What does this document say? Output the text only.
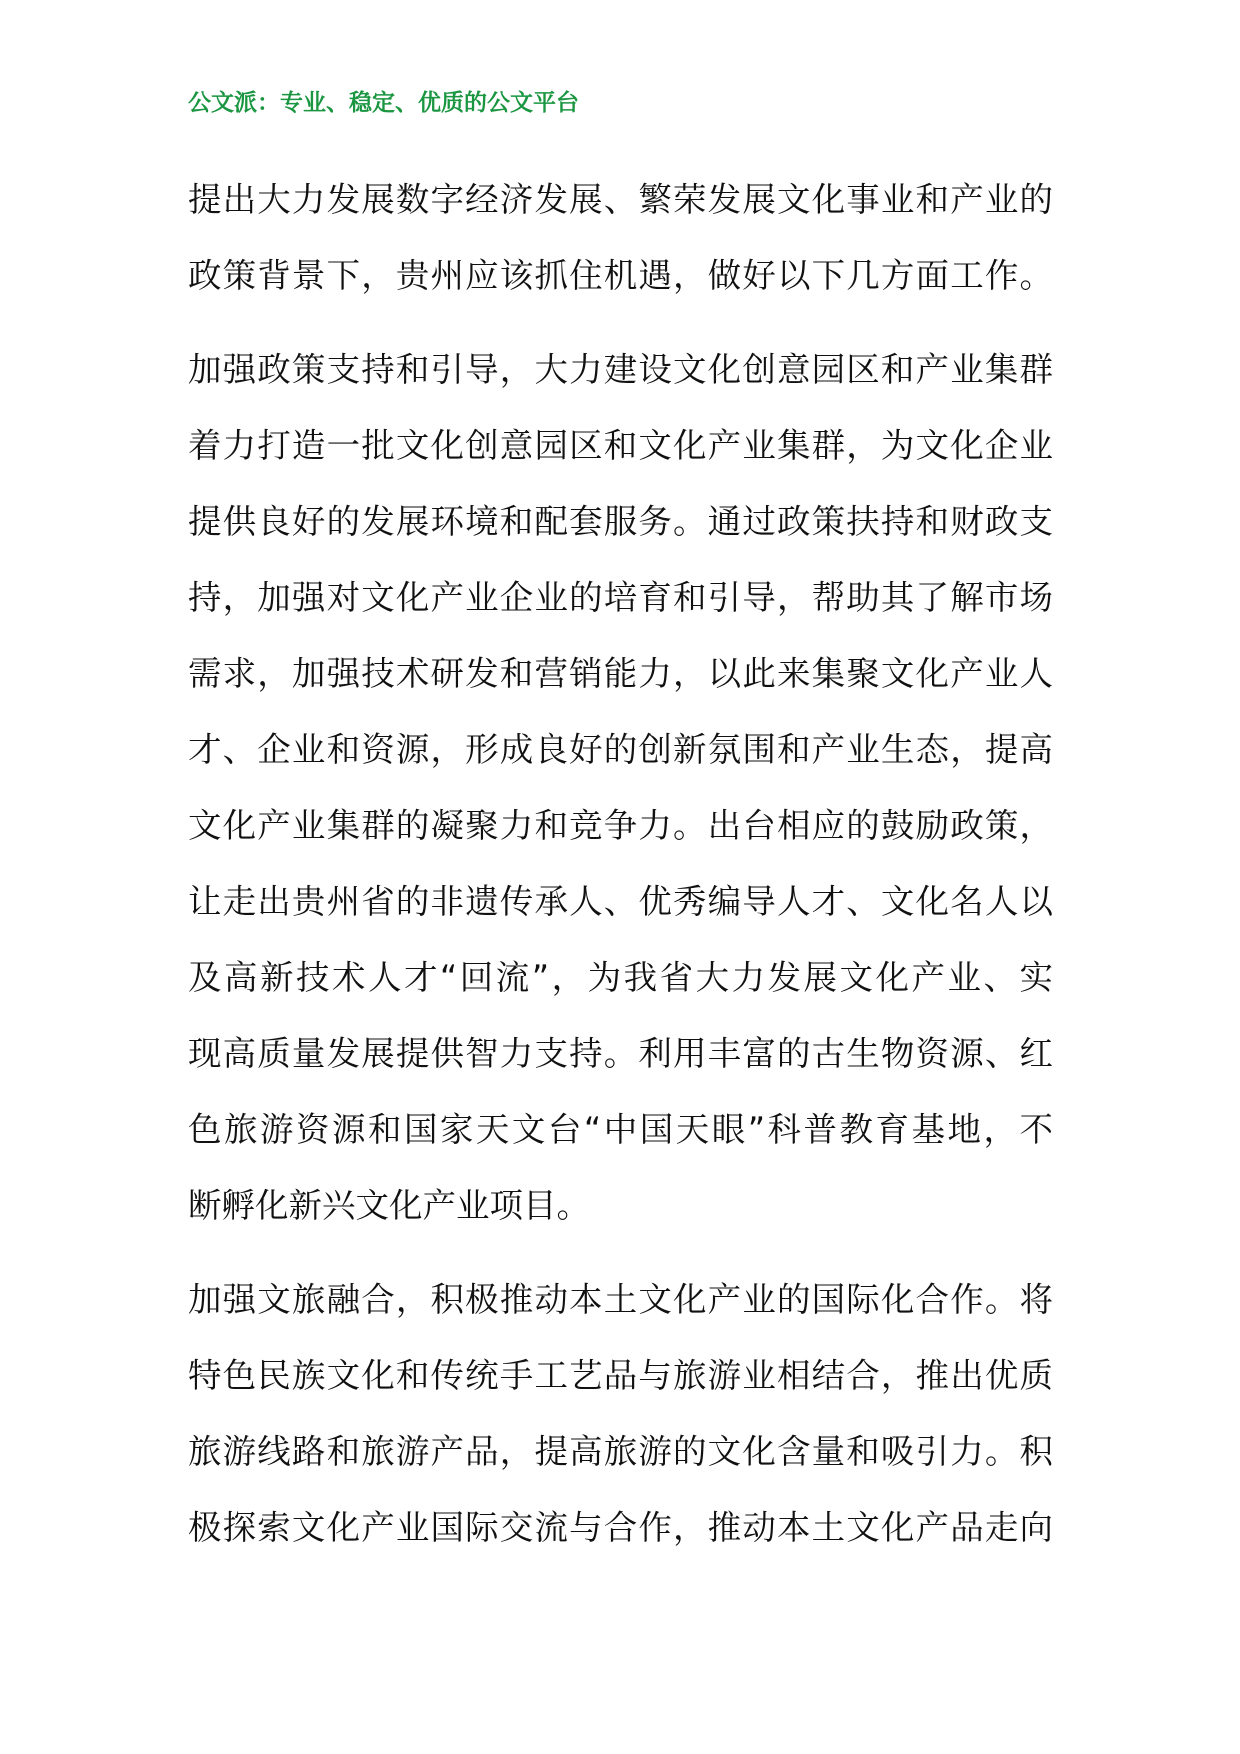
公文派：专业、稳定、优质的公文平台
提出大力发展数字经济发展、繁荣发展文化事业和产业的
政策背景下，贵州应该抓住机遇，做好以下几方面工作。
加强政策支持和引导，大力建设文化创意园区和产业集群
着力打造一批文化创意园区和文化产业集群，为文化企业
提供良好的发展环境和配套服务。通过政策扶持和财政支
持，加强对文化产业企业的培育和引导，帮助其了解市场
需求，加强技术研发和营销能力，以此来集聚文化产业人
才、企业和资源，形成良好的创新氛围和产业生态，提高
文化产业集群的凝聚力和竞争力。出台相应的鼓励政策，
让走出贵州省的非遗传承人、优秀编导人才、文化名人以
及高新技术人才“回流”，为我省大力发展文化产业、实
现高质量发展提供智力支持。利用丰富的古生物资源、红
色旅游资源和国家天文台“中国天眼”科普教育基地，不
断孵化新兴文化产业项目。
加强文旅融合，积极推动本土文化产业的国际化合作。将
特色民族文化和传统手工艺品与旅游业相结合，推出优质
旅游线路和旅游产品，提高旅游的文化含量和吸引力。积
极探索文化产业国际交流与合作，推动本土文化产品走向
